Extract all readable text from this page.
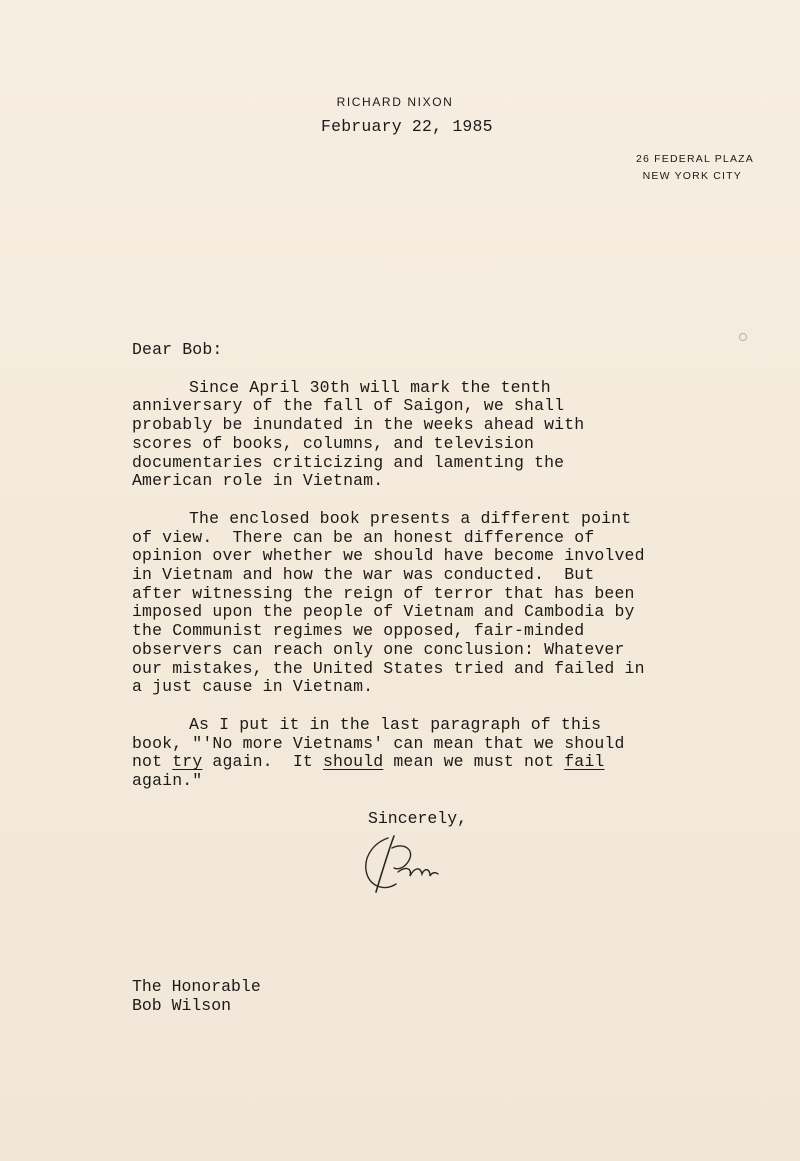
RICHARD NIXON
February 22, 1985
26 FEDERAL PLAZA
NEW YORK CITY
Dear Bob:
Since April 30th will mark the tenth
anniversary of the fall of Saigon, we shall
probably be inundated in the weeks ahead with
scores of books, columns, and television
documentaries criticizing and lamenting the
American role in Vietnam.
The enclosed book presents a different point
of view.  There can be an honest difference of
opinion over whether we should have become involved
in Vietnam and how the war was conducted.  But
after witnessing the reign of terror that has been
imposed upon the people of Vietnam and Cambodia by
the Communist regimes we opposed, fair-minded
observers can reach only one conclusion: Whatever
our mistakes, the United States tried and failed in
a just cause in Vietnam.
As I put it in the last paragraph of this
book, "'No more Vietnams' can mean that we should
not try again.  It should mean we must not fail
again."
Sincerely,
The Honorable
Bob Wilson
